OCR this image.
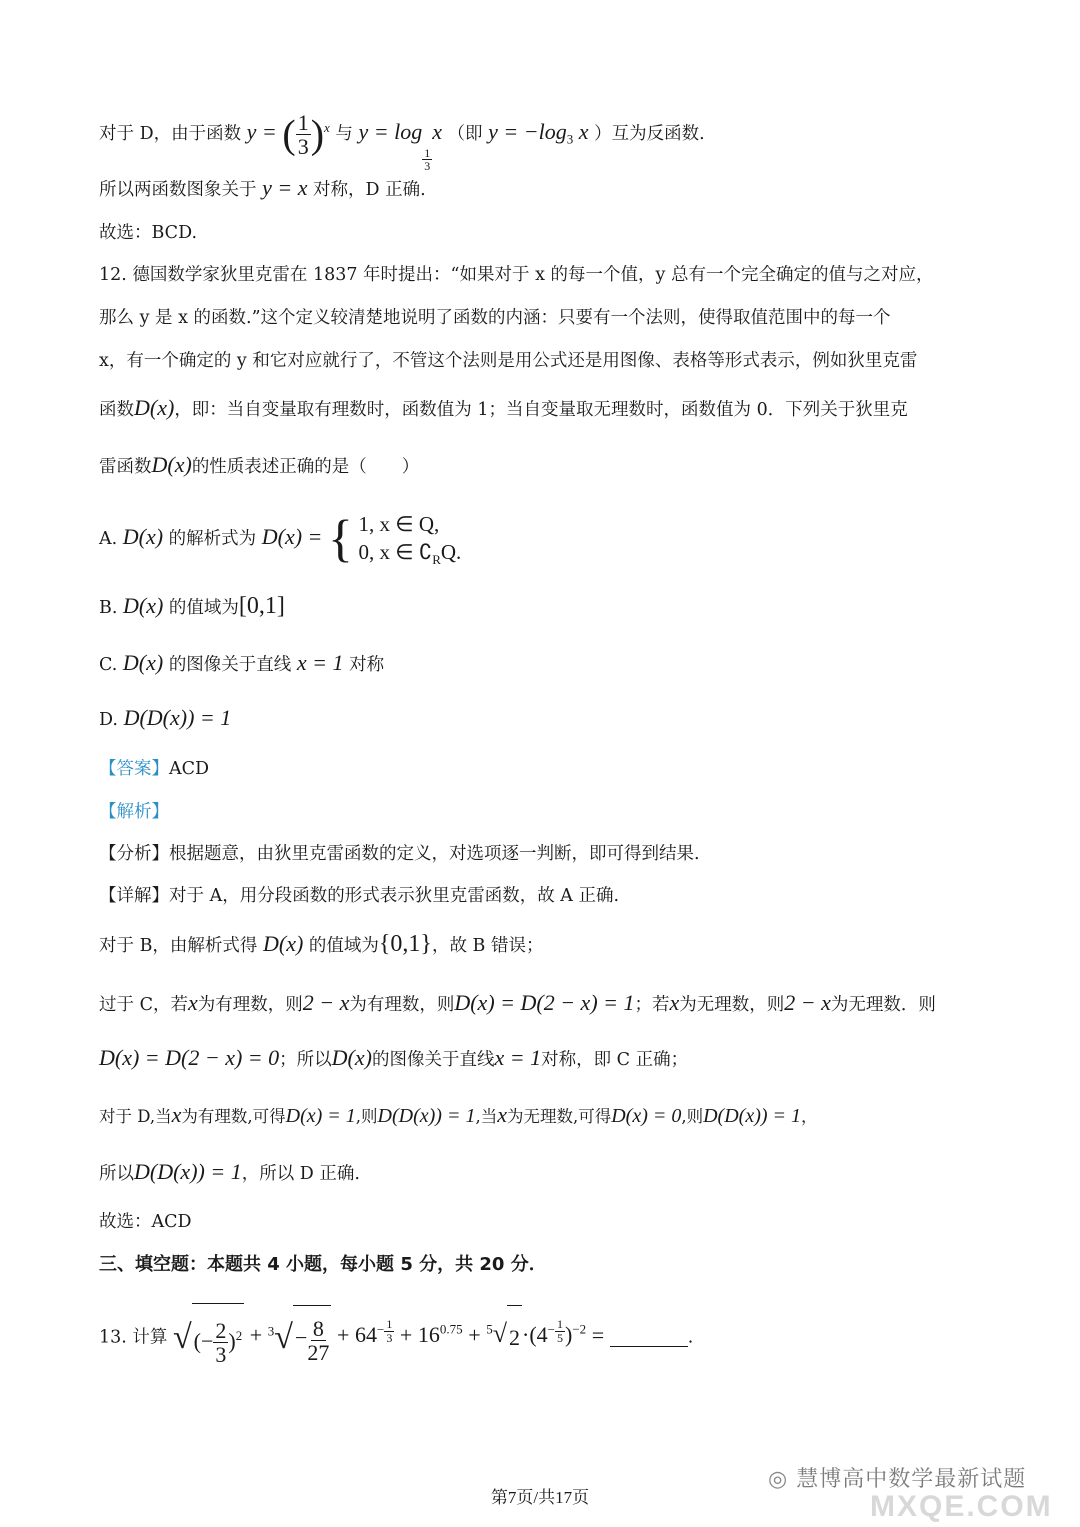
对于 D，由于函数 y = ( $\frac{1}{3} )^x$ 与 y = log
$\frac{1}{3}$
x （即 $y = -\log_3$ x ）互为反函数.
所以两函数图象关于 y = x 对称，D 正确.
故选：BCD.
12. 德国数学家狄里克雷在 1837 年时提出：“如果对于 x 的每一个值，y 总有一个完全确定的值与之对应，
那么 y 是 x 的函数.”这个定义较清楚地说明了函数的内涵：只要有一个法则，使得取值范围中的每一个
x，有一个确定的 y 和它对应就行了，不管这个法则是用公式还是用图像、表格等形式表示，例如狄里克雷
函数D(x)，即：当自变量取有理数时，函数值为 1；当自变量取无理数时，函数值为 0．下列关于狄里克
雷函数D(x)的性质表述正确的是（　　）
A. D(x) 的解析式为 D(x) = { 1, x ∈ Q,
0, x ∈ $∁_RQ$.
B. D(x) 的值域为[0,1]
C. D(x) 的图像关于直线 x = 1 对称
D. D(D(x)) = 1
【答案】ACD
【解析】
【分析】根据题意，由狄里克雷函数的定义，对选项逐一判断，即可得到结果.
【详解】对于 A，用分段函数的形式表示狄里克雷函数，故 A 正确.
对于 B，由解析式得 D(x) 的值域为{0,1}，故 B 错误；
过于 C，若x为有理数，则2 − x为有理数，则D(x) = D(2 − x) = 1；若x为无理数，则2 − x为无理数．则
D(x) = D(2 − x) = 0；所以D(x)的图像关于直线x = 1对称，即 C 正确；
对于 D,当x为有理数,可得D(x) = 1,则D(D(x)) = 1,当x为无理数,可得D(x) = 0,则D(D(x)) = 1，
所以D(D(x)) = 1，所以 D 正确.
故选：ACD
三、填空题：本题共 4 小题，每小题 5 分，共 20 分．
13. 计算 √(− $\frac{2}{3} )^2 + ^3√- \frac{8}{27} + 64^{- \frac{1}{3}} + 16^{0.75} + ^5√2\cdot(4^{- \frac{1}{5}}$ )$^{-2}$ =	.
◎ 慧博高中数学最新试题
MXQE.COM
第7页/共17页
